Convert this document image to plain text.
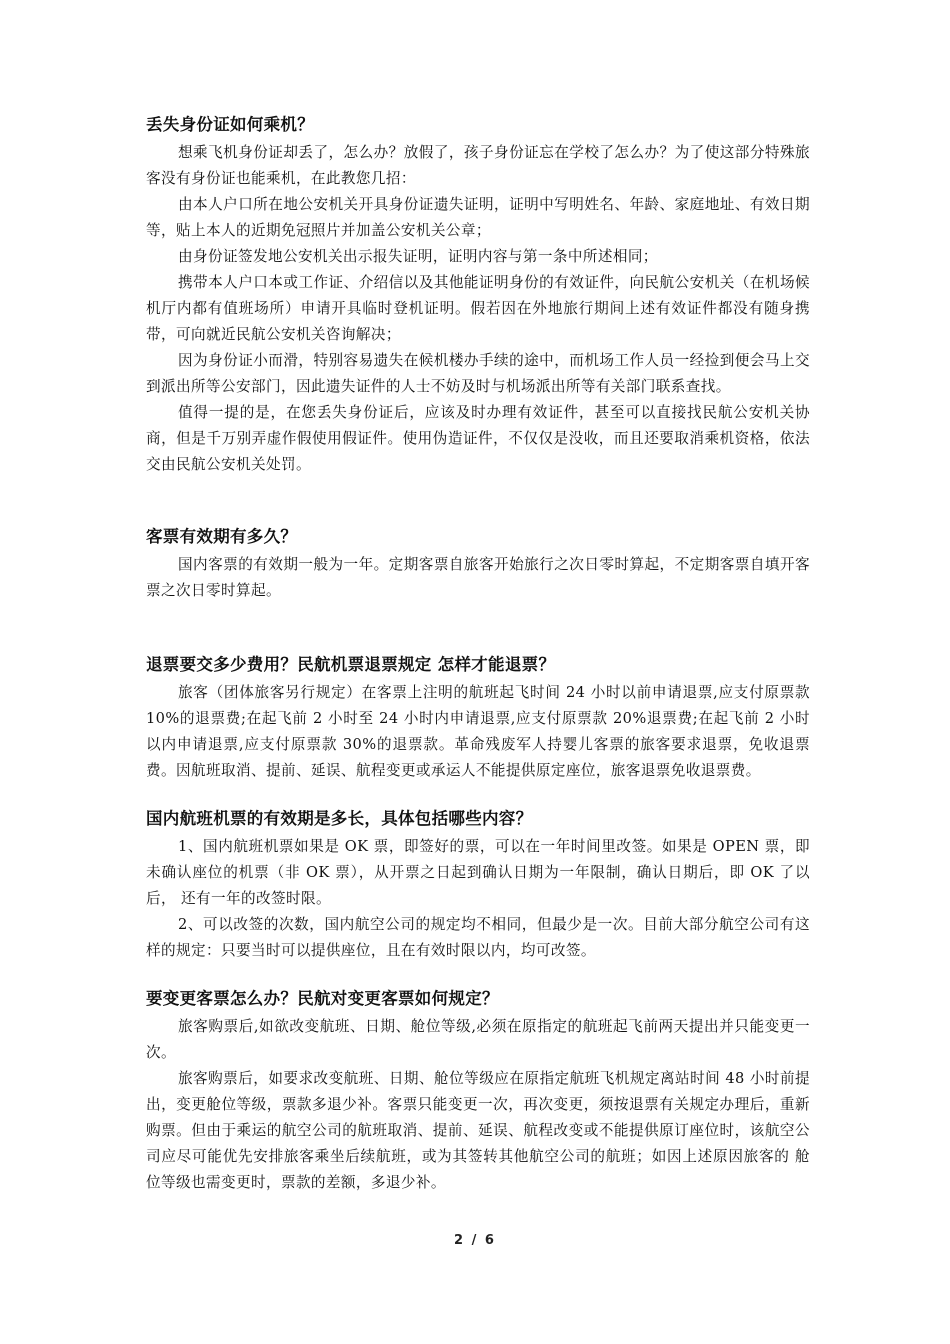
丢失身份证如何乘机？

想乘飞机身份证却丢了，怎么办？放假了，孩子身份证忘在学校了怎么办？为了使这部分特殊旅客没有身份证也能乘机，在此教您几招：

由本人户口所在地公安机关开具身份证遗失证明，证明中写明姓名、年龄、家庭地址、有效日期等，贴上本人的近期免冠照片并加盖公安机关公章；

由身份证签发地公安机关出示报失证明，证明内容与第一条中所述相同；

携带本人户口本或工作证、介绍信以及其他能证明身份的有效证件，向民航公安机关（在机场候机厅内都有值班场所）申请开具临时登机证明。假若因在外地旅行期间上述有效证件都没有随身携带，可向就近民航公安机关咨询解决；

因为身份证小而滑，特别容易遗失在候机楼办手续的途中，而机场工作人员一经捡到便会马上交到派出所等公安部门，因此遗失证件的人士不妨及时与机场派出所等有关部门联系查找。

值得一提的是，在您丢失身份证后，应该及时办理有效证件，甚至可以直接找民航公安机关协商，但是千万别弄虚作假使用假证件。使用伪造证件，不仅仅是没收，而且还要取消乘机资格，依法交由民航公安机关处罚。

客票有效期有多久？

国内客票的有效期一般为一年。定期客票自旅客开始旅行之次日零时算起，不定期客票自填开客票之次日零时算起。

退票要交多少费用？民航机票退票规定 怎样才能退票？

旅客（团体旅客另行规定）在客票上注明的航班起飞时间 24 小时以前申请退票,应支付原票款 10%的退票费;在起飞前 2 小时至 24 小时内申请退票,应支付原票款 20%退票费;在起飞前 2 小时以内申请退票,应支付原票款 30%的退票款。革命残废军人持婴儿客票的旅客要求退票，免收退票费。因航班取消、提前、延误、航程变更或承运人不能提供原定座位，旅客退票免收退票费。

国内航班机票的有效期是多长，具体包括哪些内容？

1、国内航班机票如果是 OK 票，即签好的票，可以在一年时间里改签。如果是 OPEN 票，即未确认座位的机票（非 OK 票），从开票之日起到确认日期为一年限制，确认日期后，即 OK 了以后， 还有一年的改签时限。

2、可以改签的次数，国内航空公司的规定均不相同，但最少是一次。目前大部分航空公司有这样的规定：只要当时可以提供座位，且在有效时限以内，均可改签。

要变更客票怎么办？民航对变更客票如何规定？

旅客购票后,如欲改变航班、日期、舱位等级,必须在原指定的航班起飞前两天提出并只能变更一次。

旅客购票后，如要求改变航班、日期、舱位等级应在原指定航班飞机规定离站时间 48 小时前提出，变更舱位等级，票款多退少补。客票只能变更一次，再次变更，须按退票有关规定办理后，重新购票。但由于乘运的航空公司的航班取消、提前、延误、航程改变或不能提供原订座位时，该航空公司应尽可能优先安排旅客乘坐后续航班，或为其签转其他航空公司的航班；如因上述原因旅客的 舱位等级也需变更时，票款的差额，多退少补。

2 / 6
